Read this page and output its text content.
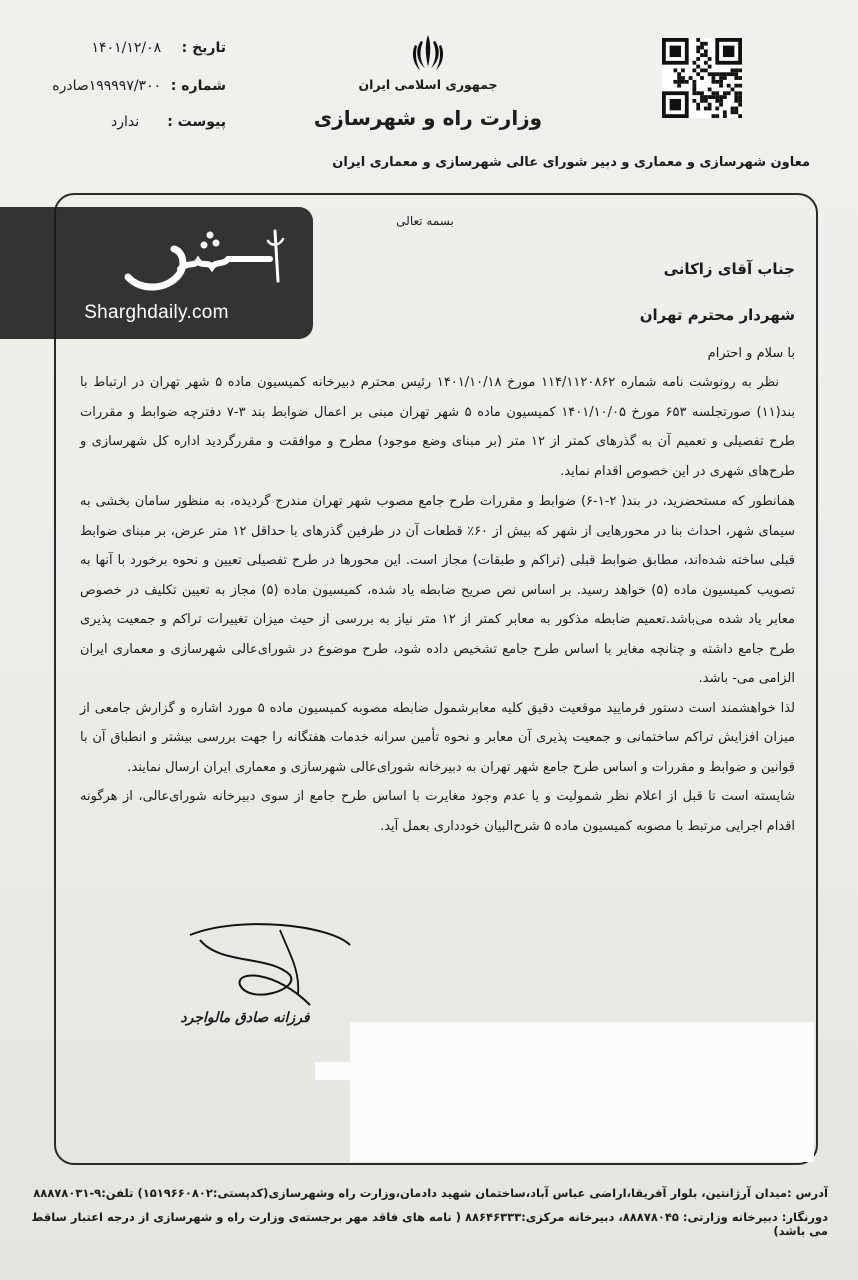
تاریخ : ۱۴۰۱/۱۲/۰۸
شماره : ۱۹۹۹۹۷/۳۰۰صادره
پیوست : ندارد
جمهوری اسلامی ایران
وزارت راه و شهرسازی
معاون شهرسازی و معماری و دبیر شورای عالی شهرسازی و معماری ایران
Sharghdaily.com
بسمه تعالی
جناب آقای زاکانی
شهردار محترم تهران
با سلام و احترام

نظر به رونوشت نامه شماره ۱۱۴/۱۱۲۰۸۶۲ مورخ ۱۴۰۱/۱۰/۱۸ رئیس محترم دبیرخانه کمیسیون ماده ۵ شهر تهران در ارتباط با بند(۱۱) صورتجلسه ۶۵۳ مورخ ۱۴۰۱/۱۰/۰۵ کمیسیون ماده ۵ شهر تهران مبنی بر اعمال ضوابط بند ۳-۷ دفترچه ضوابط و مقررات طرح تفصیلی و تعمیم آن به گذرهای کمتر از ۱۲ متر (بر مبنای وضع موجود) مطرح و موافقت و مقررگردید اداره کل شهرسازی و طرح‌های شهری در این خصوص اقدام نماید.

همانطور که مستحضرید، در بند( ۲-۱-۶) ضوابط و مقررات طرح جامع مصوب شهر تهران مندرج گردیده، به منظور سامان بخشی به سیمای شهر، احداث بنا در محورهایی از شهر که بیش از ۶۰٪ قطعات آن در طرفین گذرهای با حداقل ۱۲ متر عرض، بر مبنای ضوابط قبلی ساخته شده‌اند، مطابق ضوابط قبلی (تراکم و طبقات) مجاز است. این محورها در طرح تفصیلی تعیین و نحوه برخورد با آنها به تصویب کمیسیون ماده (۵) خواهد رسید. بر اساس نص صریح ضابطه یاد شده، کمیسیون ماده (۵) مجاز به تعیین تکلیف در خصوص معابر یاد شده می‌باشد.تعمیم ضابطه مذکور به معابر کمتر از ۱۲ متر نیاز به بررسی از حیث میزان تغییرات تراکم و جمعیت پذیری طرح جامع داشته و چنانچه مغایر با اساس طرح جامع تشخیص داده شود، طرح موضوع در شورای‌عالی شهرسازی و معماری ایران الزامی می- باشد.

لذا خواهشمند است دستور فرمایید موقعیت دقیق کلیه معابرشمول ضابطه مصوبه کمیسیون ماده ۵ مورد اشاره و گزارش جامعی از میزان افزایش تراکم ساختمانی و جمعیت پذیری آن معابر و نحوه تأمین سرانه خدمات هفتگانه را جهت بررسی بیشتر و انطباق آن با قوانین و ضوابط و مقررات و اساس طرح جامع شهر تهران به دبیرخانه شورای‌عالی شهرسازی و معماری ایران ارسال نمایند.

شایسته است تا قبل از اعلام نظر شمولیت و یا عدم وجود مغایرت با اساس طرح جامع از سوی دبیرخانه شورای‌عالی، از هرگونه اقدام اجرایی مرتبط با مصوبه کمیسیون ماده ۵ شرح‌البیان خودداری بعمل آید.

فرزانه صادق مالواجرد
آدرس :میدان آرژانتین، بلوار آفریقا،اراضی عباس آباد،ساختمان شهید دادمان،وزارت راه وشهرسازی(کدپستی:۱۵۱۹۶۶۰۸۰۲) تلفن:۹-۸۸۸۷۸۰۳۱
دورنگار: دبیرخانه وزارتی: ۸۸۸۷۸۰۴۵، دبیرخانه مرکزی:۸۸۶۴۶۳۳۳ ( نامه های فاقد مهر برجسته‌ی وزارت راه و شهرسازی از درجه اعتبار ساقط می باشد)
